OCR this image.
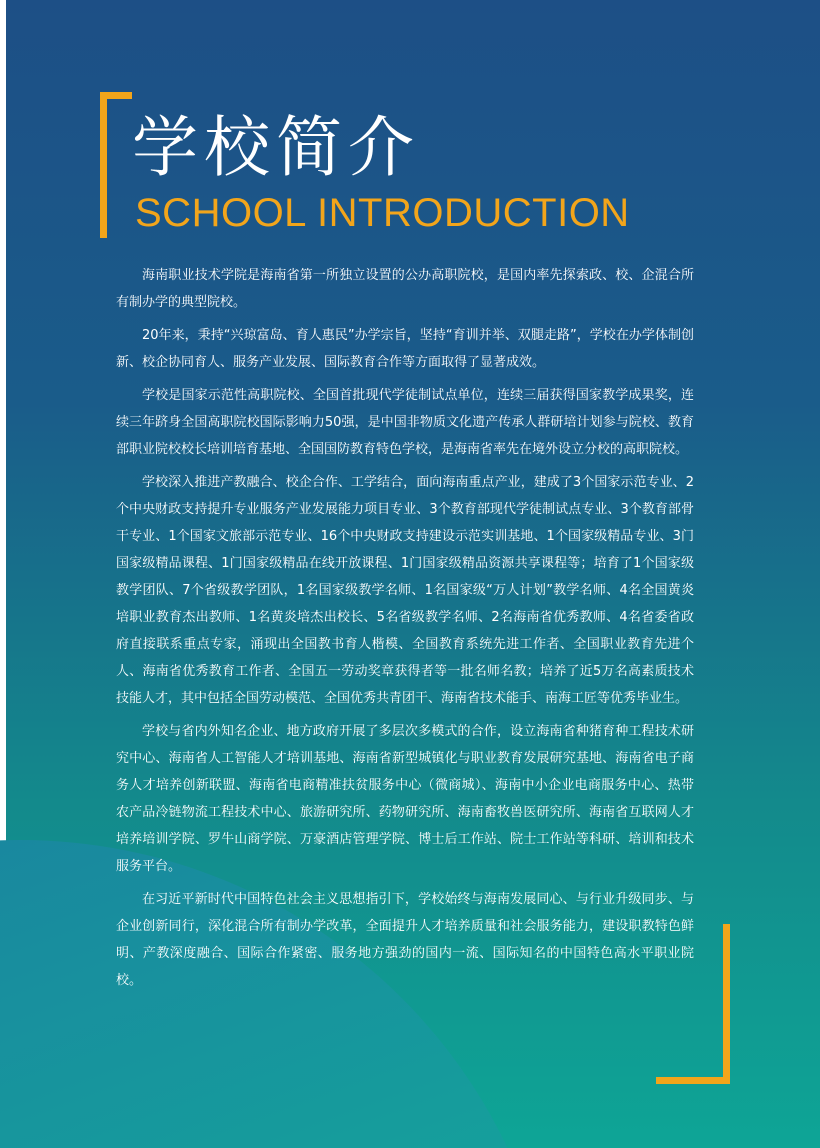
学校简介
SCHOOL INTRODUCTION

海南职业技术学院是海南省第一所独立设置的公办高职院校，是国内率先探索政、校、企混合所有制办学的典型院校。

20年来，秉持“兴琼富岛、育人惠民”办学宗旨，坚持“育训并举、双腿走路”，学校在办学体制创新、校企协同育人、服务产业发展、国际教育合作等方面取得了显著成效。

学校是国家示范性高职院校、全国首批现代学徒制试点单位，连续三届获得国家教学成果奖，连续三年跻身全国高职院校国际影响力50强，是中国非物质文化遗产传承人群研培计划参与院校、教育部职业院校校长培训培育基地、全国国防教育特色学校，是海南省率先在境外设立分校的高职院校。

学校深入推进产教融合、校企合作、工学结合，面向海南重点产业，建成了3个国家示范专业、2个中央财政支持提升专业服务产业发展能力项目专业、3个教育部现代学徒制试点专业、3个教育部骨干专业、1个国家文旅部示范专业、16个中央财政支持建设示范实训基地、1个国家级精品专业、3门国家级精品课程、1门国家级精品在线开放课程、1门国家级精品资源共享课程等；培育了1个国家级教学团队、7个省级教学团队，1名国家级教学名师、1名国家级“万人计划”教学名师、4名全国黄炎培职业教育杰出教师、1名黄炎培杰出校长、5名省级教学名师、2名海南省优秀教师、4名省委省政府直接联系重点专家，涌现出全国教书育人楷模、全国教育系统先进工作者、全国职业教育先进个人、海南省优秀教育工作者、全国五一劳动奖章获得者等一批名师名教；培养了近5万名高素质技术技能人才，其中包括全国劳动模范、全国优秀共青团干、海南省技术能手、南海工匠等优秀毕业生。

学校与省内外知名企业、地方政府开展了多层次多模式的合作，设立海南省种猪育种工程技术研究中心、海南省人工智能人才培训基地、海南省新型城镇化与职业教育发展研究基地、海南省电子商务人才培养创新联盟、海南省电商精准扶贫服务中心（微商城）、海南中小企业电商服务中心、热带农产品冷链物流工程技术中心、旅游研究所、药物研究所、海南畜牧兽医研究所、海南省互联网人才培养培训学院、罗牛山商学院、万豪酒店管理学院、博士后工作站、院士工作站等科研、培训和技术服务平台。

在习近平新时代中国特色社会主义思想指引下，学校始终与海南发展同心、与行业升级同步、与企业创新同行，深化混合所有制办学改革，全面提升人才培养质量和社会服务能力，建设职教特色鲜明、产教深度融合、国际合作紧密、服务地方强劲的国内一流、国际知名的中国特色高水平职业院校。
